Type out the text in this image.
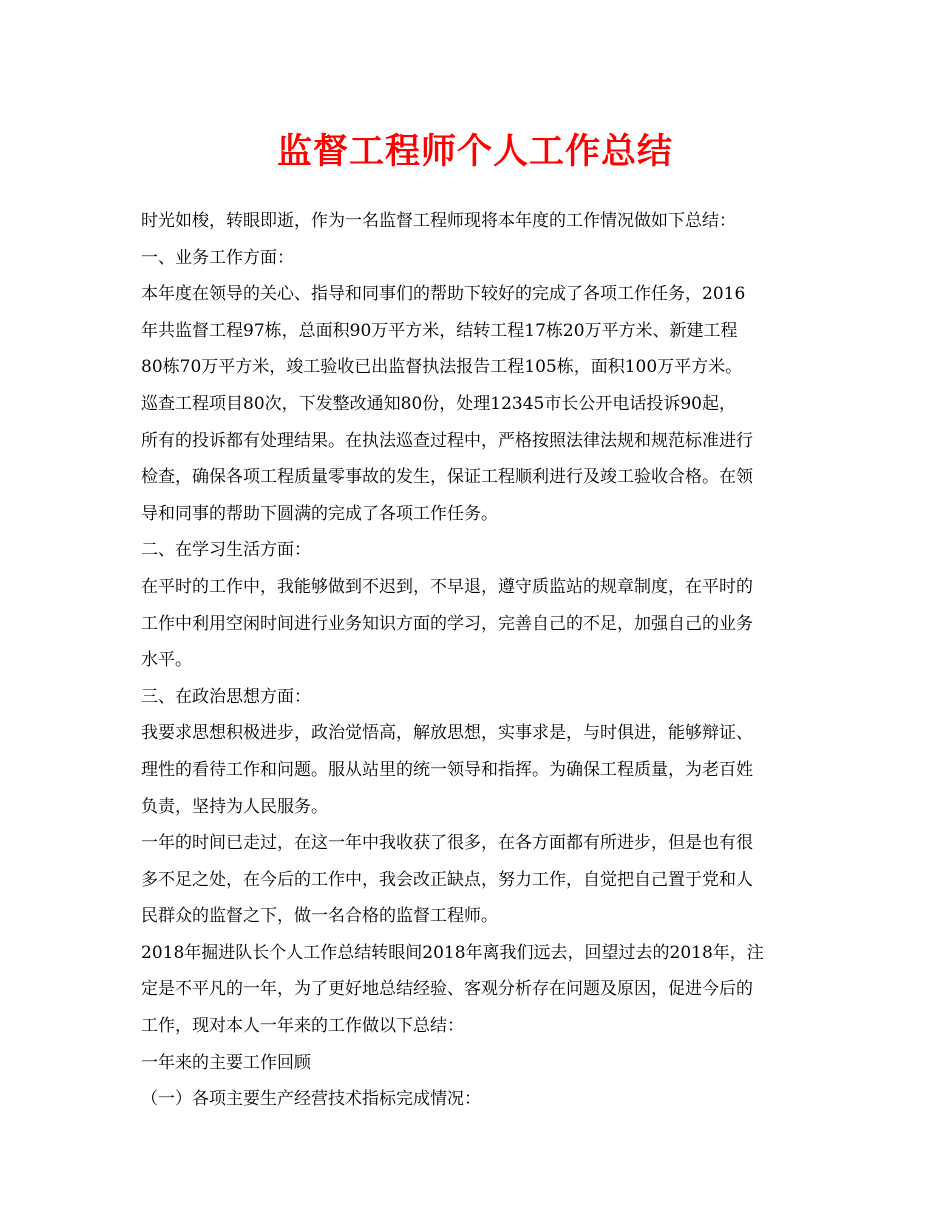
监督工程师个人工作总结
时光如梭，转眼即逝，作为一名监督工程师现将本年度的工作情况做如下总结：
一、业务工作方面：
本年度在领导的关心、指导和同事们的帮助下较好的完成了各项工作任务，2016
年共监督工程97栋，总面积90万平方米，结转工程17栋20万平方米、新建工程
80栋70万平方米，竣工验收已出监督执法报告工程105栋，面积100万平方米。
巡查工程项目80次，下发整改通知80份，处理12345市长公开电话投诉90起，
所有的投诉都有处理结果。在执法巡查过程中，严格按照法律法规和规范标准进行
检查，确保各项工程质量零事故的发生，保证工程顺利进行及竣工验收合格。在领
导和同事的帮助下圆满的完成了各项工作任务。
二、在学习生活方面：
在平时的工作中，我能够做到不迟到，不早退，遵守质监站的规章制度，在平时的
工作中利用空闲时间进行业务知识方面的学习，完善自己的不足，加强自己的业务
水平。
三、在政治思想方面：
我要求思想积极进步，政治觉悟高，解放思想，实事求是，与时俱进，能够辩证、
理性的看待工作和问题。服从站里的统一领导和指挥。为确保工程质量，为老百姓
负责，坚持为人民服务。
一年的时间已走过，在这一年中我收获了很多，在各方面都有所进步，但是也有很
多不足之处，在今后的工作中，我会改正缺点，努力工作，自觉把自己置于党和人
民群众的监督之下，做一名合格的监督工程师。
2018年掘进队长个人工作总结转眼间2018年离我们远去，回望过去的2018年，注
定是不平凡的一年，为了更好地总结经验、客观分析存在问题及原因，促进今后的
工作，现对本人一年来的工作做以下总结：
一年来的主要工作回顾
（一）各项主要生产经营技术指标完成情况：
